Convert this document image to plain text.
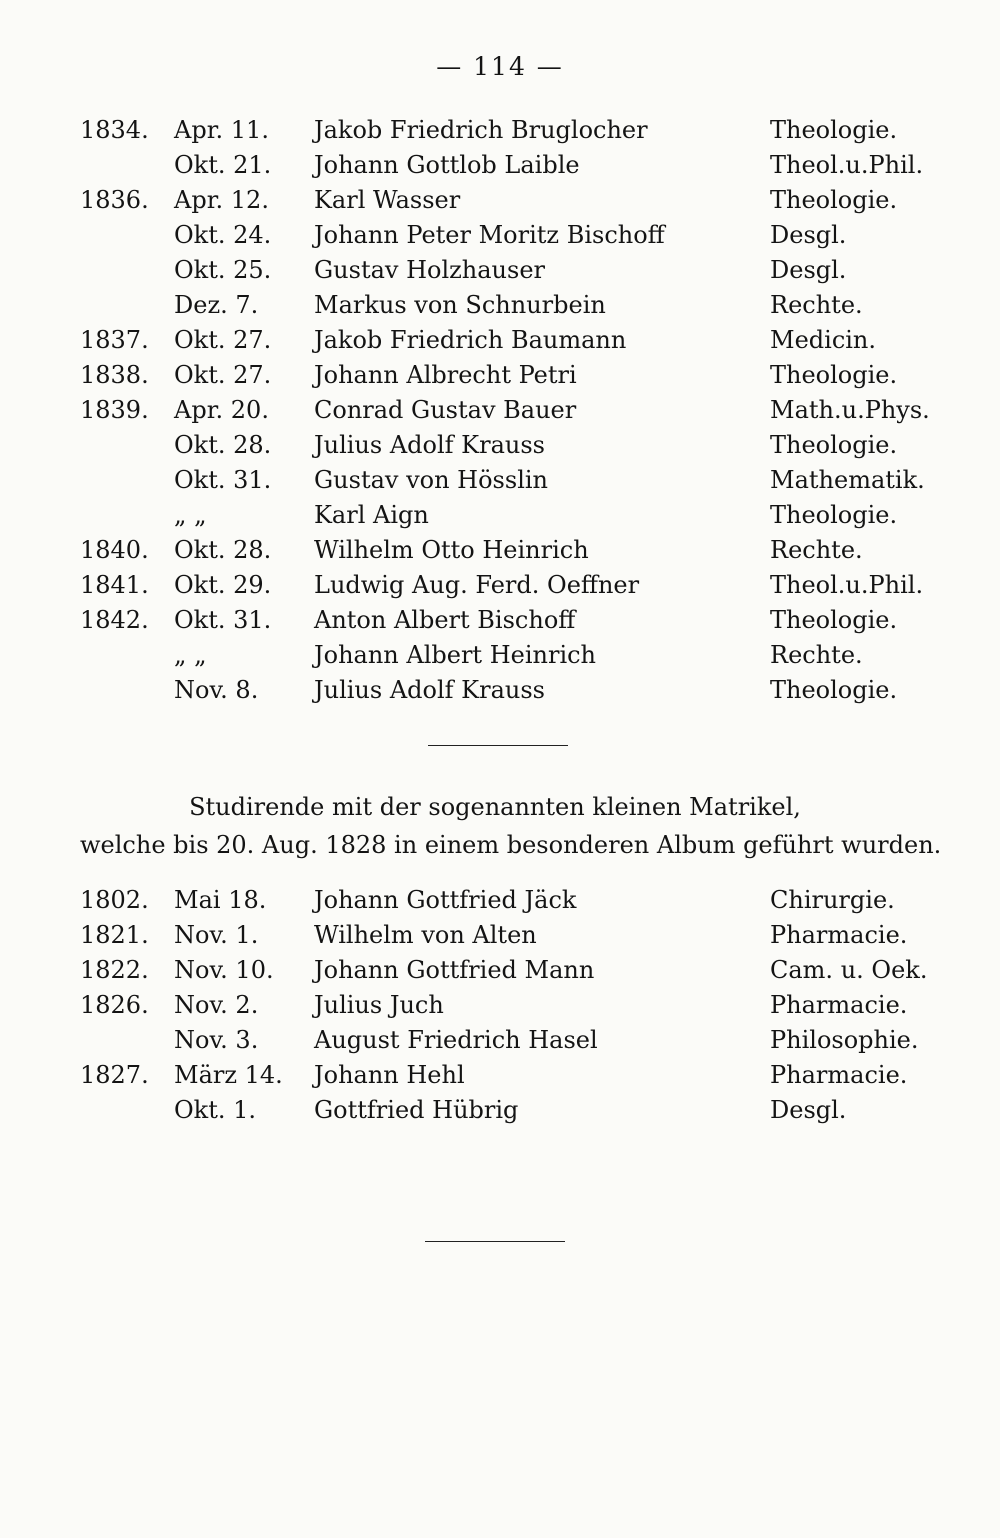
— 114 —
1834. Apr. 11. Jakob Friedrich Bruglocher	Theologie.
Okt. 21. Johann Gottlob Laible	Theol.u.Phil.
1836. Apr. 12. Karl Wasser	Theologie.
Okt. 24. Johann Peter Moritz Bischoff	Desgl.
Okt. 25. Gustav Holzhauser	Desgl.
Dez. 7. Markus von Schnurbein	Rechte.
1837. Okt. 27. Jakob Friedrich Baumann	Medicin.
1838. Okt. 27. Johann Albrecht Petri	Theologie.
1839. Apr. 20. Conrad Gustav Bauer	Math.u.Phys.
Okt. 28. Julius Adolf Krauss	Theologie.
Okt. 31. Gustav von Hösslin	Mathematik.
„ „	Karl Aign	Theologie.
1840. Okt. 28. Wilhelm Otto Heinrich	Rechte.
1841. Okt. 29. Ludwig Aug. Ferd. Oeffner	Theol.u.Phil.
1842. Okt. 31. Anton Albert Bischoff	Theologie.
„ „	Johann Albert Heinrich	Rechte.
Nov. 8. Julius Adolf Krauss	Theologie.
Studirende mit der sogenannten kleinen Matrikel,
welche bis 20. Aug. 1828 in einem besonderen Album geführt wurden.
1802. Mai 18. Johann Gottfried Jäck	Chirurgie.
1821. Nov. 1. Wilhelm von Alten	Pharmacie.
1822. Nov. 10. Johann Gottfried Mann	Cam. u. Oek.
1826. Nov. 2. Julius Juch	Pharmacie.
Nov. 3. August Friedrich Hasel	Philosophie.
1827. März 14. Johann Hehl	Pharmacie.
Okt. 1. Gottfried Hübrig	Desgl.
